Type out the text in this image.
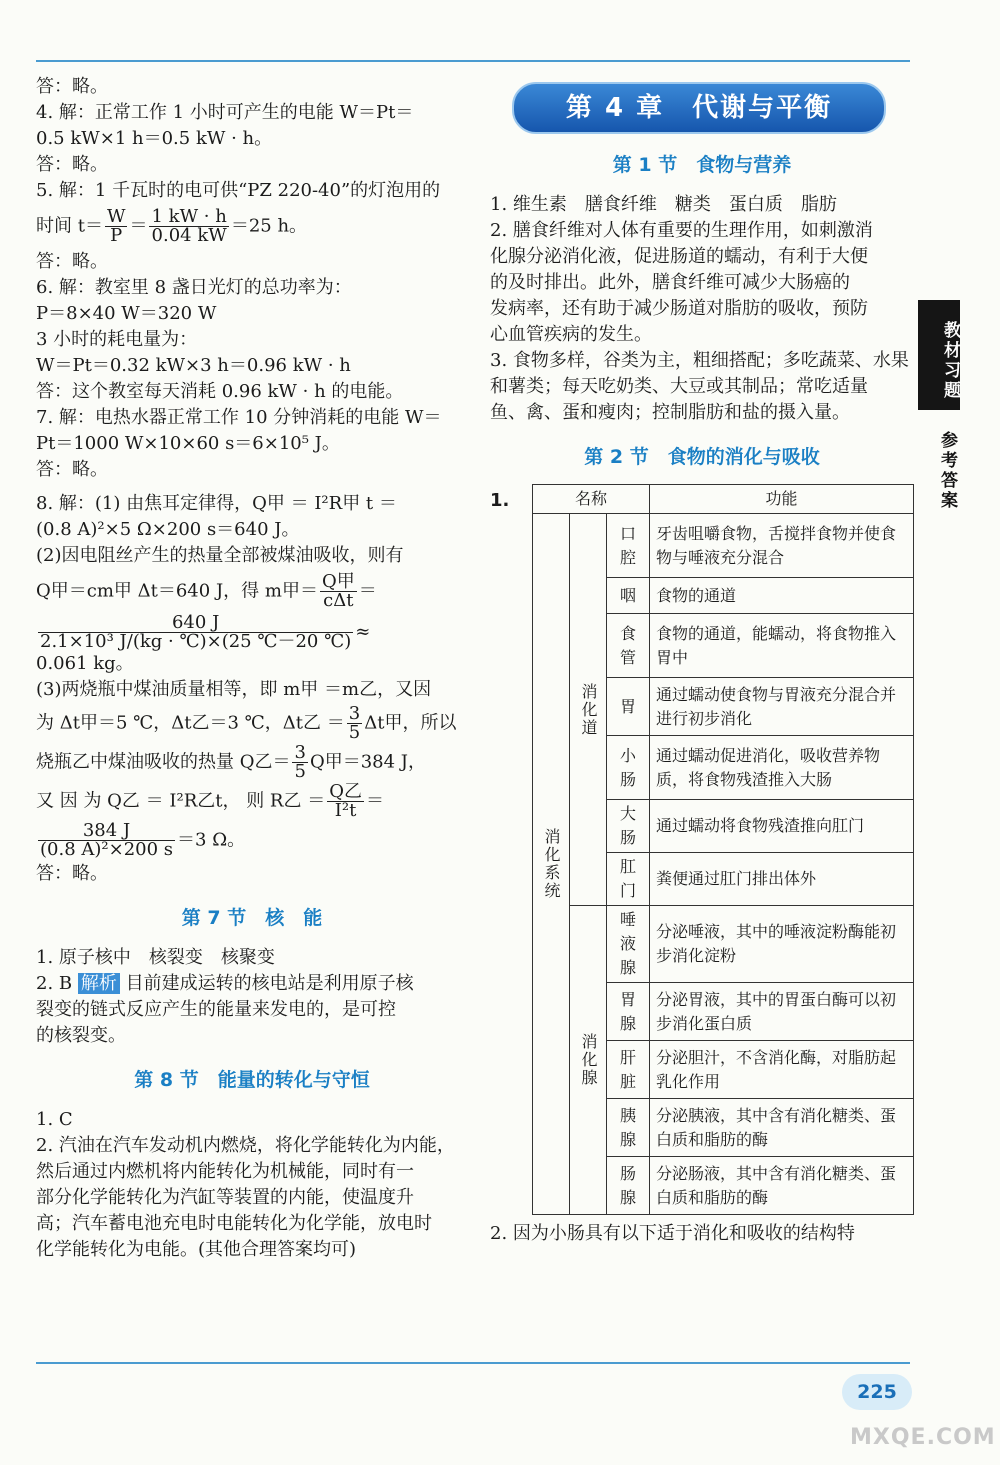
答：略。

4. 解：正常工作 1 小时可产生的电能 W＝Pt＝

0.5 kW×1 h＝0.5 kW · h。

答：略。

5. 解：1 千瓦时的电可供“PZ 220-40”的灯泡用的

时间 $t= \frac{W}{P} = \frac{1 kW \cdot h}{0.04 kW} =25$ h。

答：略。

6. 解：教室里 8 盏日光灯的总功率为：

P＝8×40 W＝320 W

3 小时的耗电量为：

W＝Pt＝0.32 kW×3 h＝0.96 kW · h

答：这个教室每天消耗 0.96 kW · h 的电能。

7. 解：电热水器正常工作 10 分钟消耗的电能 W＝

Pt＝1000 W×10×60 s＝6×10⁵ J。

答：略。

8. 解：(1) 由焦耳定律得，Q甲 ＝ I²R甲 t ＝

(0.8 A)²×5 Ω×200 s＝640 J。

(2)因电阻丝产生的热量全部被煤油吸收，则有

Q甲＝cm甲 Δt＝640 J，得 m甲＝ $\frac{\text{Q甲}}{\text{cΔt}}$ ＝

$\frac{640 J}{\text{2.1×10³ J/(kg · ℃)×(25 ℃－20 ℃)}}$ ≈

0.061 kg。

(3)两烧瓶中煤油质量相等，即 m甲 ＝m乙，又因

为 Δt甲＝5 ℃，Δt乙＝3 ℃，Δt乙 ＝ $\frac{3}{5}$ Δt甲，所以

烧瓶乙中煤油吸收的热量 Q乙＝ $\frac{3}{5}$ Q甲＝384 J，

又 因 为 Q乙 ＝ I²R乙t， 则 R乙 ＝ $\frac{\text{Q乙}}{\text{I²t}}$ ＝

$\frac{384 J}{\text{(0.8 A)²×200 s}} =3$ Ω。

答：略。

第 7 节　核　能

1. 原子核中　核裂变　核聚变

2. B 解析 目前建成运转的核电站是利用原子核

裂变的链式反应产生的能量来发电的，是可控

的核裂变。

第 8 节　能量的转化与守恒

1. C

2. 汽油在汽车发动机内燃烧，将化学能转化为内能，

然后通过内燃机将内能转化为机械能，同时有一

部分化学能转化为汽缸等装置的内能，使温度升

高；汽车蓄电池充电时电能转化为化学能，放电时

化学能转化为电能。(其他合理答案均可)

第 4 章　代谢与平衡
第 1 节　食物与营养

1. 维生素　膳食纤维　糖类　蛋白质　脂肪

2. 膳食纤维对人体有重要的生理作用，如刺激消

化腺分泌消化液，促进肠道的蠕动，有利于大便

的及时排出。此外，膳食纤维可减少大肠癌的

发病率，还有助于减少肠道对脂肪的吸收，预防

心血管疾病的发生。

3. 食物多样，谷类为主，粗细搭配；多吃蔬菜、水果

和薯类；每天吃奶类、大豆或其制品；常吃适量

鱼、禽、蛋和瘦肉；控制脂肪和盐的摄入量。

第 2 节　食物的消化与吸收
1.	名称			功能
消化系统	消化道	口腔	牙齿咀嚼食物，舌搅拌食物并使食物与唾液充分混合
		咽	食物的通道
		食管	食物的通道，能蠕动，将食物推入胃中
		胃	通过蠕动使食物与胃液充分混合并进行初步消化
		小肠	通过蠕动促进消化，吸收营养物质，将食物残渣推入大肠
		大肠	通过蠕动将食物残渣推向肛门
		肛门	粪便通过肛门排出体外
	消化腺	唾液腺	分泌唾液，其中的唾液淀粉酶能初步消化淀粉
		胃腺	分泌胃液，其中的胃蛋白酶可以初步消化蛋白质
		肝脏	分泌胆汁，不含消化酶，对脂肪起乳化作用
		胰腺	分泌胰液，其中含有消化糖类、蛋白质和脂肪的酶
		肠腺	分泌肠液，其中含有消化糖类、蛋白质和脂肪的酶

2. 因为小肠具有以下适于消化和吸收的结构特

教材习题
参考答案
225
MXQE.COM
